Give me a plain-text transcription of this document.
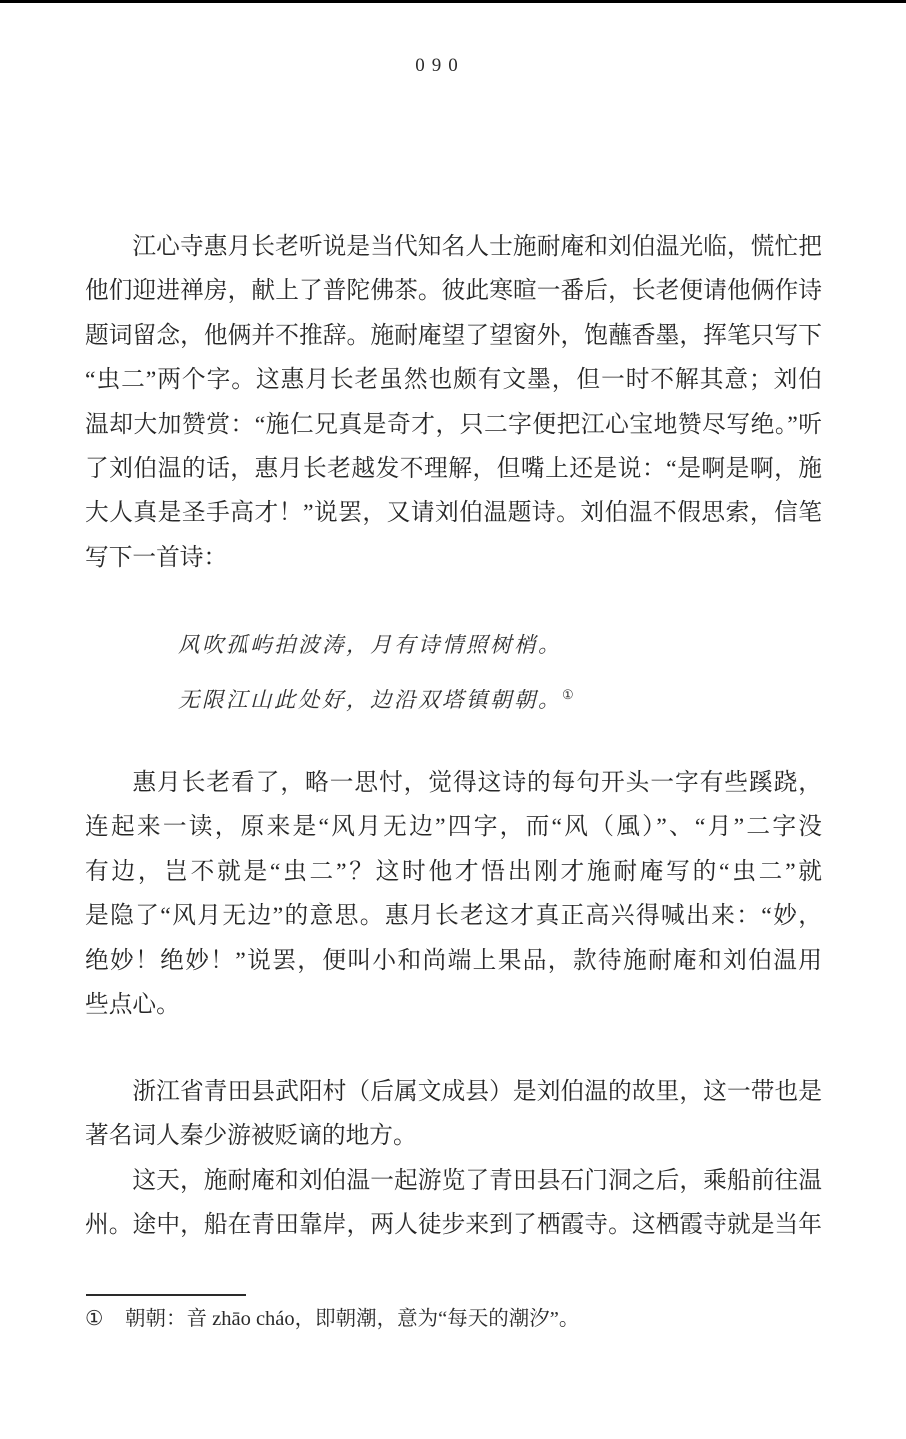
090
江心寺惠月长老听说是当代知名人士施耐庵和刘伯温光临，慌忙把
他们迎进禅房，献上了普陀佛茶。彼此寒暄一番后，长老便请他俩作诗
题词留念，他俩并不推辞。施耐庵望了望窗外，饱蘸香墨，挥笔只写下
“虫二”两个字。这惠月长老虽然也颇有文墨，但一时不解其意；刘伯
温却大加赞赏：“施仁兄真是奇才，只二字便把江心宝地赞尽写绝。”听
了刘伯温的话，惠月长老越发不理解，但嘴上还是说：“是啊是啊，施
大人真是圣手高才！”说罢，又请刘伯温题诗。刘伯温不假思索，信笔
写下一首诗：
风吹孤屿拍波涛，月有诗情照树梢。
无限江山此处好，边沿双塔镇朝朝。①
惠月长老看了，略一思忖，觉得这诗的每句开头一字有些蹊跷，
连起来一读，原来是“风月无边”四字，而“风（風）”、“月”二字没
有边，岂不就是“虫二”？这时他才悟出刚才施耐庵写的“虫二”就
是隐了“风月无边”的意思。惠月长老这才真正高兴得喊出来：“妙，
绝妙！绝妙！”说罢，便叫小和尚端上果品，款待施耐庵和刘伯温用
些点心。
浙江省青田县武阳村（后属文成县）是刘伯温的故里，这一带也是
著名词人秦少游被贬谪的地方。
这天，施耐庵和刘伯温一起游览了青田县石门洞之后，乘船前往温
州。途中，船在青田靠岸，两人徒步来到了栖霞寺。这栖霞寺就是当年
① 朝朝：音 zhāo cháo，即朝潮，意为“每天的潮汐”。
